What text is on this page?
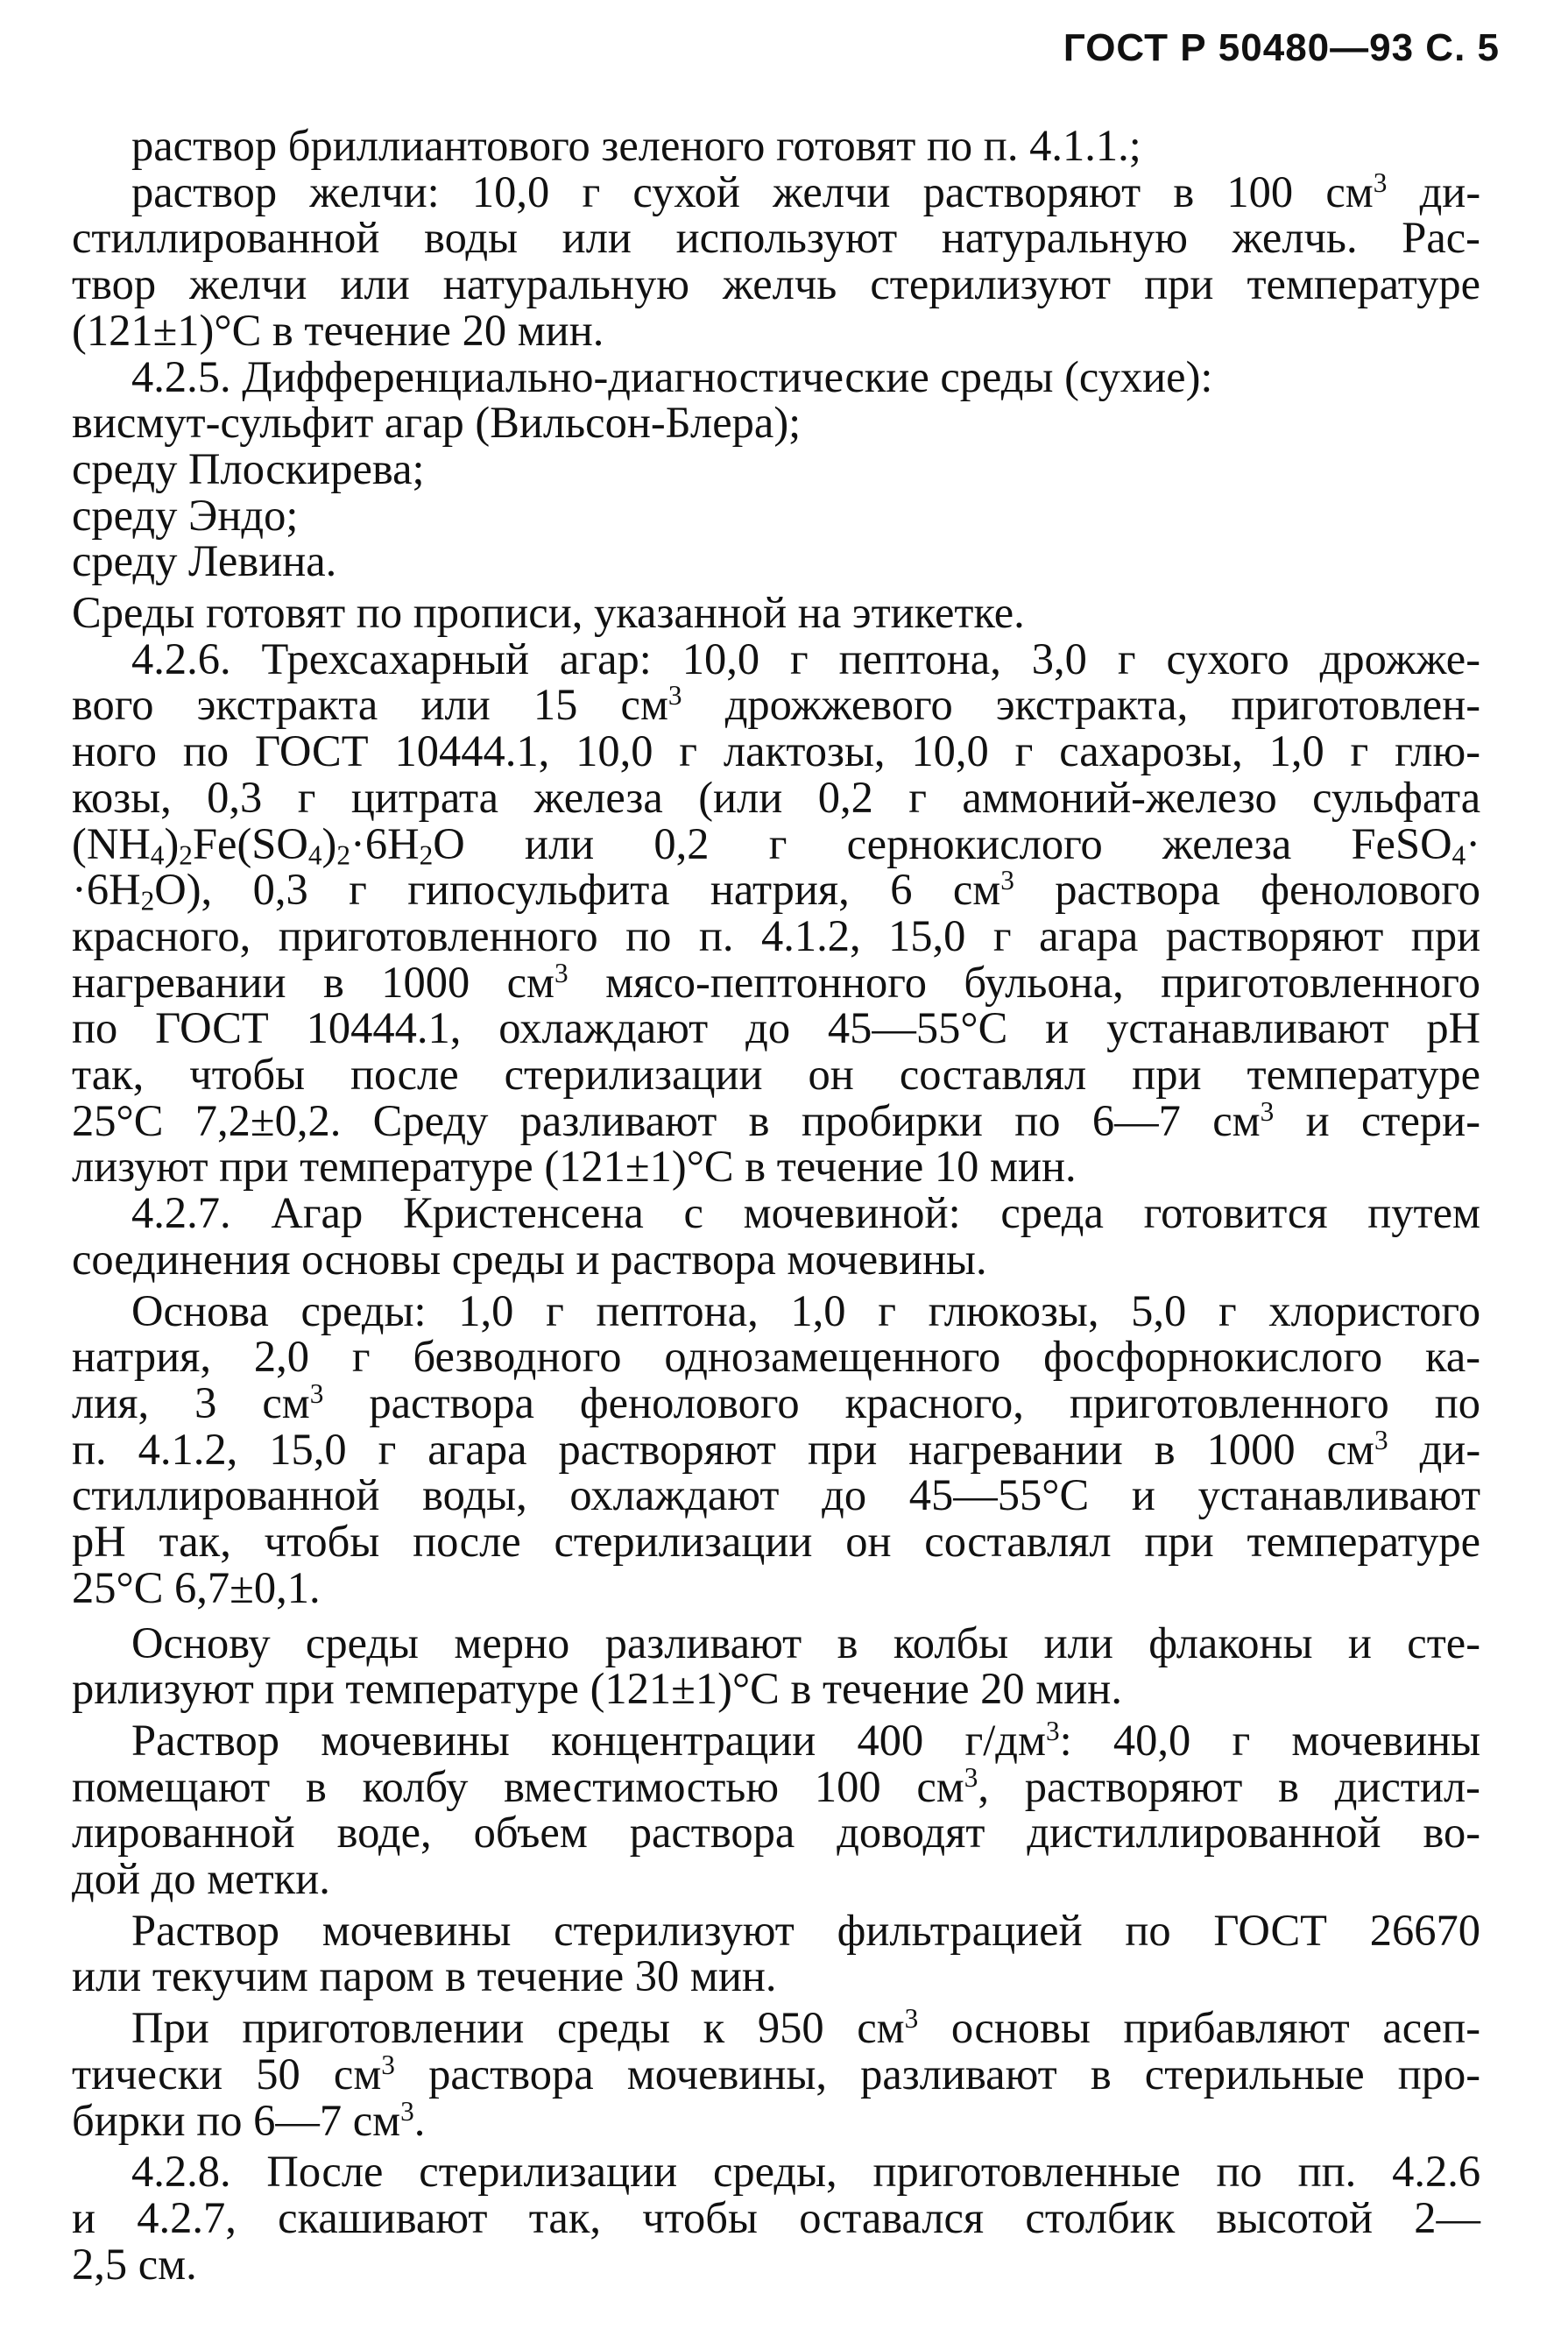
ГОСТ Р 50480—93 С. 5

раствор бриллиантового зеленого готовят по п. 4.1.1.;

раствор желчи: 10,0 г сухой желчи растворяют в 100 $см^3$ ди-

стиллированной воды или используют натуральную желчь. Рас-

твор желчи или натуральную желчь стерилизуют при температуре

(121±1)°С в течение 20 мин.

4.2.5. Дифференциально-диагностические среды (сухие):

висмут-сульфит агар (Вильсон-Блера);

среду Плоскирева;

среду Эндо;

среду Левина.

Среды готовят по прописи, указанной на этикетке.

4.2.6. Трехсахарный агар: 10,0 г пептона, 3,0 г сухого дрожже-

вого экстракта или 15 $см^3$ дрожжевого экстракта, приготовлен-

ного по ГОСТ 10444.1, 10,0 г лактозы, 10,0 г сахарозы, 1,0 г глю-

козы, 0,3 г цитрата железа (или 0,2 г аммоний-железо сульфата

$(NH_4)_2Fe(SO_4)_2\cdot 6H_2O$ или 0,2 г сернокислого железа FeSO$_4$·

$\cdot 6H_2O$), 0,3 г гипосульфита натрия, 6 $см^3$ раствора фенолового

красного, приготовленного по п. 4.1.2, 15,0 г агара растворяют при

нагревании в 1000 $см^3$ мясо-пептонного бульона, приготовленного

по ГОСТ 10444.1, охлаждают до 45—55°С и устанавливают pH

так, чтобы после стерилизации он составлял при температуре

25°С 7,2±0,2. Среду разливают в пробирки по 6—7 $см^3$ и стери-

лизуют при температуре (121±1)°С в течение 10 мин.

4.2.7. Агар Кристенсена с мочевиной: среда готовится путем

соединения основы среды и раствора мочевины.

Основа среды: 1,0 г пептона, 1,0 г глюкозы, 5,0 г хлористого

натрия, 2,0 г безводного однозамещенного фосфорнокислого ка-

лия, 3 $см^3$ раствора фенолового красного, приготовленного по

п. 4.1.2, 15,0 г агара растворяют при нагревании в 1000 $см^3$ ди-

стиллированной воды, охлаждают до 45—55°С и устанавливают

pH так, чтобы после стерилизации он составлял при температуре

25°С 6,7±0,1.

Основу среды мерно разливают в колбы или флаконы и сте-

рилизуют при температуре (121±1)°С в течение 20 мин.

Раствор мочевины концентрации 400 $г/дм^3$: 40,0 г мочевины

помещают в колбу вместимостью 100 $см^3$, растворяют в дистил-

лированной воде, объем раствора доводят дистиллированной во-

дой до метки.

Раствор мочевины стерилизуют фильтрацией по ГОСТ 26670

или текучим паром в течение 30 мин.

При приготовлении среды к 950 $см^3$ основы прибавляют асеп-

тически 50 $см^3$ раствора мочевины, разливают в стерильные про-

бирки по 6—7 $см^3$.

4.2.8. После стерилизации среды, приготовленные по пп. 4.2.6

и 4.2.7, скашивают так, чтобы оставался столбик высотой 2—

2,5 см.
